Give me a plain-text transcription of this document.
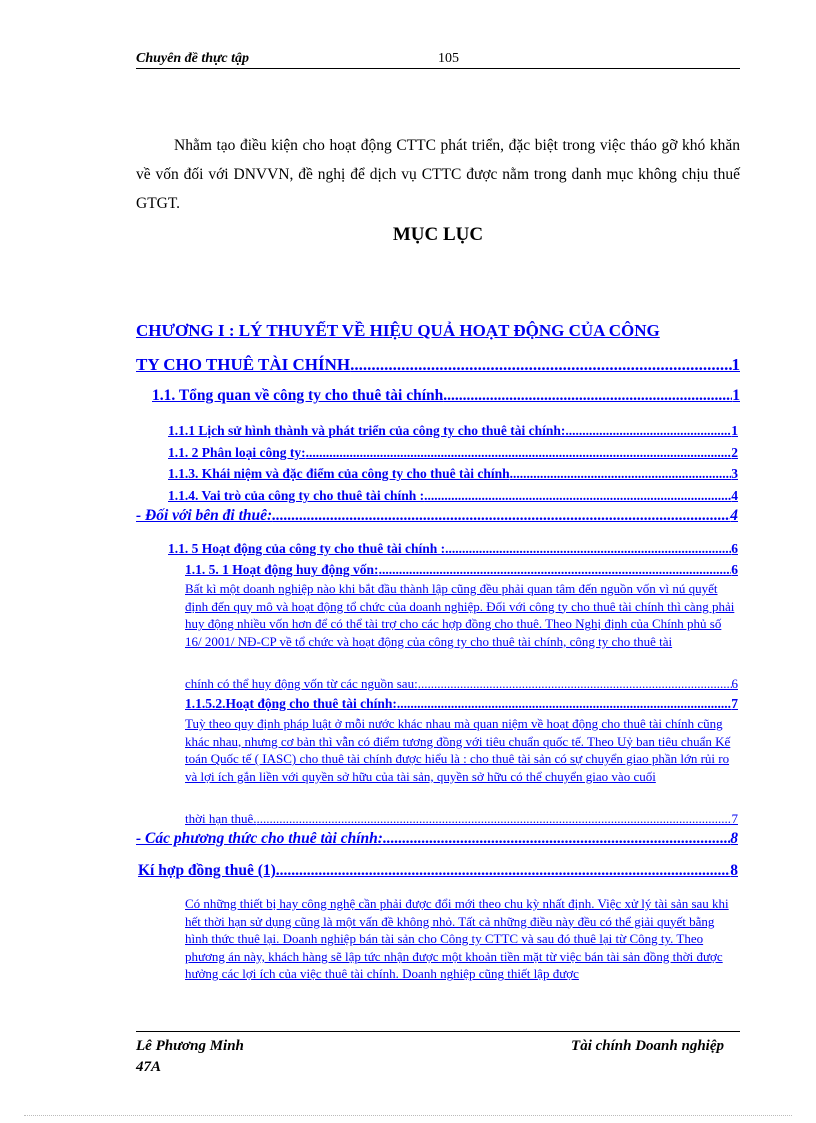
Chuyên đề thực tập	105

Nhằm tạo điều kiện cho hoạt động CTTC phát triển, đặc biệt trong việc tháo gỡ khó khăn về vốn đối với DNVVN, đề nghị để dịch vụ CTTC được nằm trong danh mục không chịu thuế GTGT.

MỤC LỤC
CHƯƠNG I : LÝ THUYẾT VỀ HIỆU QUẢ HOẠT ĐỘNG CỦA CÔNG
TY CHO THUÊ TÀI CHÍNH .....	1
1.1. Tổng quan về công ty cho thuê tài chính .....	1
1.1.1 Lịch sử hình thành và phát triển của công ty cho thuê tài chính: .....	1
1.1. 2 Phân loại công ty: .....	2
1.1.3. Khái niệm và đặc điểm của công ty cho thuê tài chính .....	3
1.1.4. Vai trò của công ty cho thuê tài chính : .....	4
- Đối với bên đi thuê: .....	4
1.1. 5 Hoạt động của công ty cho thuê tài chính : .....	6
1.1. 5. 1 Hoạt động huy động vốn: .....	6

Bất kì một doanh nghiệp nào khi bắt đầu thành lập cũng đều phải quan tâm đến nguồn vốn vì nú quyết định đến quy mô và hoạt động tổ chức của doanh nghiệp. Đối với công ty cho thuê tài chính thì càng phải huy động nhiều vốn hơn để có thể tài trợ cho các hợp đồng cho thuê. Theo Nghị định của Chính phủ số 16/ 2001/ NĐ-CP về tổ chức và hoạt động của công ty cho thuê tài chính, công ty cho thuê tài

chính có thể huy động vốn từ các nguồn sau: .....	6
1.1.5.2.Hoạt động cho thuê tài chính: .....	7

Tuỳ theo quy định pháp luật ở mỗi nước khác nhau mà quan niệm về hoạt động cho thuê tài chính cũng khác nhau, nhưng cơ bản thì vẫn có điểm tương đồng với tiêu chuẩn quốc tế. Theo Uỷ ban tiêu chuẩn Kế toán Quốc tế ( IASC) cho thuê tài chính được hiểu là : cho thuê tài sản có sự chuyển giao phần lớn rủi ro và lợi ích gắn liền với quyền sở hữu của tài sản, quyền sở hữu có thể chuyển giao vào cuối

thời hạn thuê. .....	7
- Các phương thức cho thuê tài chính: .....	8
Kí hợp đồng thuê (1) .....	8

Có những thiết bị hay công nghệ cần phải được đổi mới theo chu kỳ nhất định. Việc xử lý tài sản sau khi hết thời hạn sử dụng cũng là một vấn đề không nhỏ. Tất cả những điều này đều có thể giải quyết bằng hình thức thuê lại. Doanh nghiệp bán tài sản cho Công ty CTTC và sau đó thuê lại từ Công ty. Theo phương án này, khách hàng sẽ lập tức nhận được một khoản tiền mặt từ việc bán tài sản đồng thời được hưởng các lợi ích của việc thuê tài chính. Doanh nghiệp cũng thiết lập được

Lê Phương Minh
47A
Tài chính Doanh nghiệp
